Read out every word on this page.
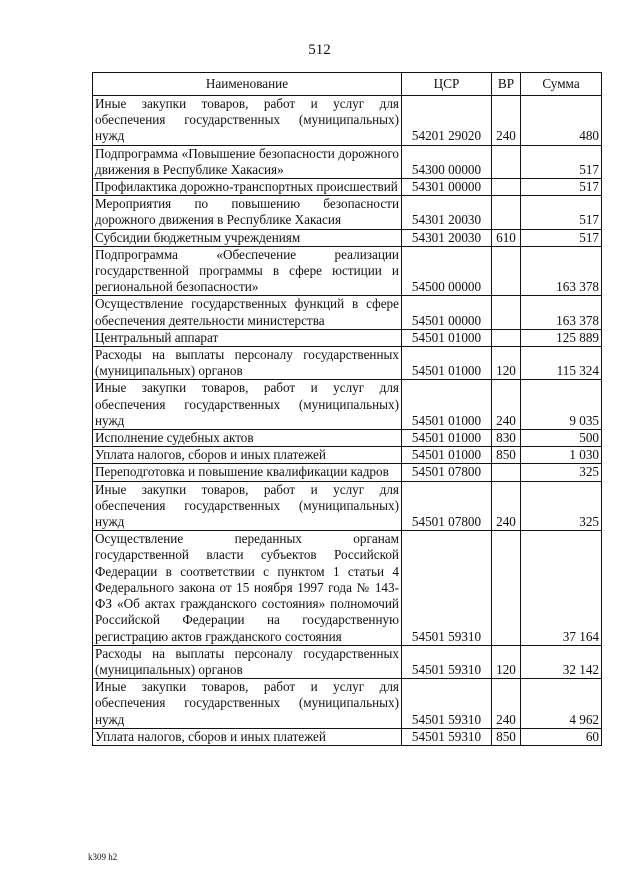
512
Наименование	ЦСР	ВР	Сумма
Иные закупки товаров, работ и услуг для обеспечения государственных (муниципальных) нужд	54201 29020	240	480
Подпрограмма «Повышение безопасности дорожного движения в Республике Хакасия»	54300 00000		517
Профилактика дорожно-транспортных происшествий	54301 00000		517
Мероприятия по повышению безопасности дорожного движения в Республике Хакасия	54301 20030		517
Субсидии бюджетным учреждениям	54301 20030	610	517
Подпрограмма «Обеспечение реализации государственной программы в сфере юстиции и региональной безопасности»	54500 00000		163 378
Осуществление государственных функций в сфере обеспечения деятельности министерства	54501 00000		163 378
Центральный аппарат	54501 01000		125 889
Расходы на выплаты персоналу государственных (муниципальных) органов	54501 01000	120	115 324
Иные закупки товаров, работ и услуг для обеспечения государственных (муниципальных) нужд	54501 01000	240	9 035
Исполнение судебных актов	54501 01000	830	500
Уплата налогов, сборов и иных платежей	54501 01000	850	1 030
Переподготовка и повышение квалификации кадров	54501 07800		325
Иные закупки товаров, работ и услуг для обеспечения государственных (муниципальных) нужд	54501 07800	240	325
Осуществление переданных органам государственной власти субъектов Российской Федерации в соответствии с пунктом 1 статьи 4 Федерального закона от 15 ноября 1997 года № 143-ФЗ «Об актах гражданского состояния» полномочий Российской Федерации на государственную регистрацию актов гражданского состояния	54501 59310		37 164
Расходы на выплаты персоналу государственных (муниципальных) органов	54501 59310	120	32 142
Иные закупки товаров, работ и услуг для обеспечения государственных (муниципальных) нужд	54501 59310	240	4 962
Уплата налогов, сборов и иных платежей	54501 59310	850	60
k309 h2
